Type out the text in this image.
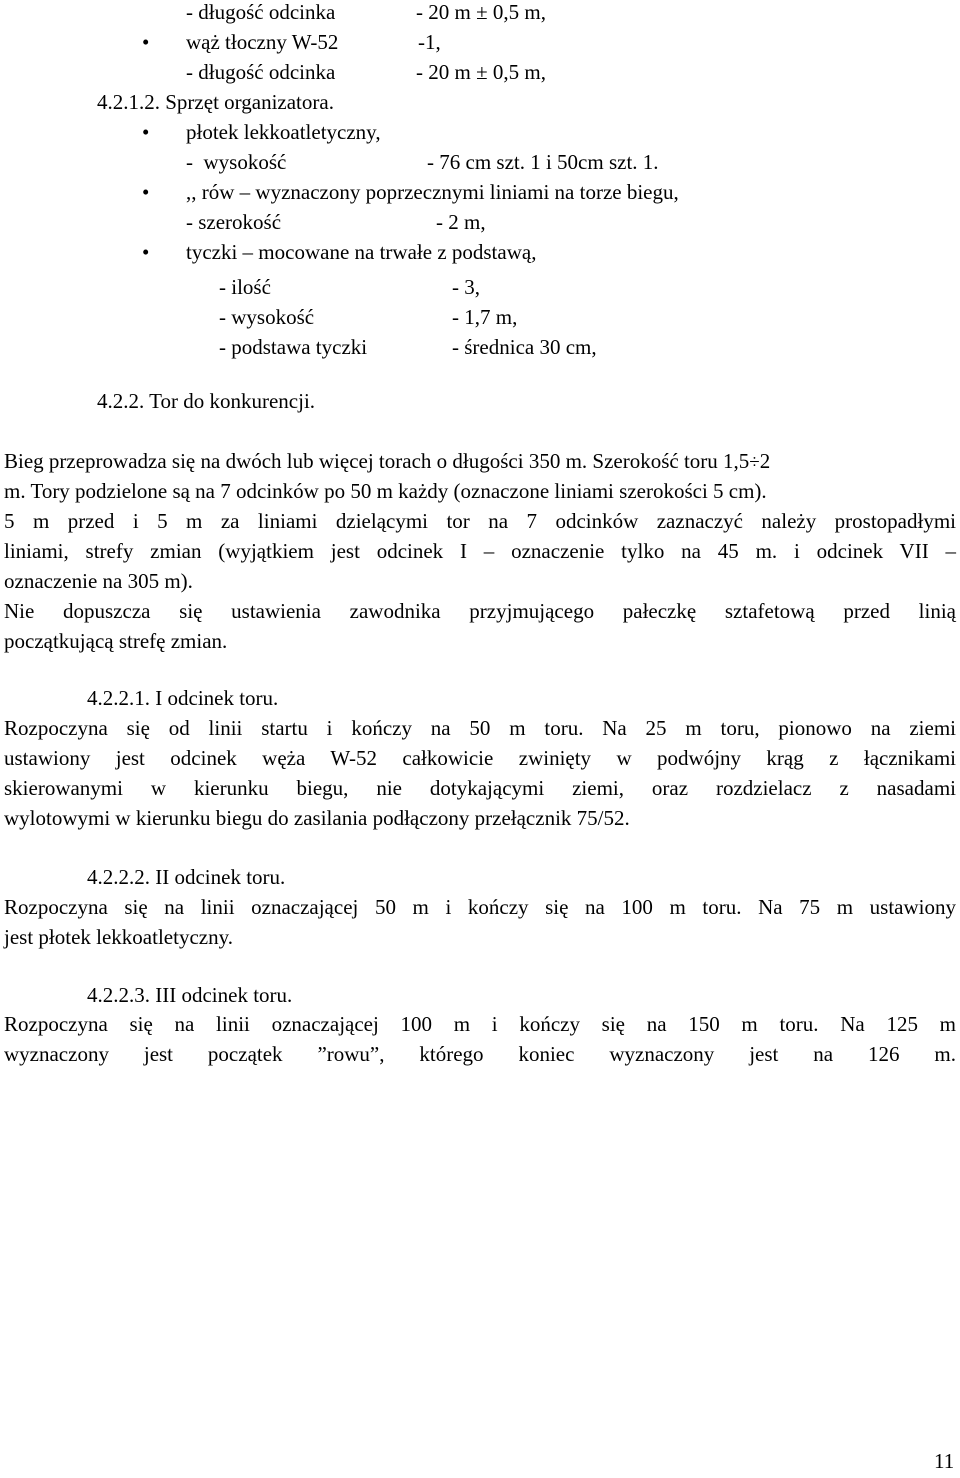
- długość odcinka	- 20 m ± 0,5 m,
• wąż tłoczny W-52	-1,
- długość odcinka	- 20 m ± 0,5 m,
4.2.1.2. Sprzęt organizatora.
• płotek lekkoatletyczny,
-  wysokość	- 76 cm szt. 1 i 50cm szt. 1.
• ,, rów – wyznaczony poprzecznymi liniami na torze biegu,
- szerokość	- 2 m,
• tyczki – mocowane na trwałe z podstawą,
- ilość	- 3,
- wysokość	- 1,7 m,
- podstawa tyczki	- średnica 30 cm,
4.2.2. Tor do konkurencji.
Bieg przeprowadza się na dwóch lub więcej torach o długości 350 m. Szerokość toru 1,5÷2
m. Tory podzielone są na 7 odcinków po 50 m każdy (oznaczone liniami szerokości 5 cm).
5 m przed i 5 m za liniami dzielącymi tor na 7 odcinków zaznaczyć należy prostopadłymi
liniami, strefy zmian (wyjątkiem jest odcinek I – oznaczenie tylko na 45 m. i odcinek VII –
oznaczenie na 305 m).
Nie dopuszcza się ustawienia zawodnika przyjmującego pałeczkę sztafetową przed linią
początkującą strefę zmian.
4.2.2.1. I odcinek toru.
Rozpoczyna się od linii startu i kończy na 50 m toru. Na 25 m toru, pionowo na ziemi
ustawiony jest odcinek węża W-52 całkowicie zwinięty w podwójny krąg z łącznikami
skierowanymi w kierunku biegu, nie dotykającymi ziemi, oraz rozdzielacz z nasadami
wylotowymi w kierunku biegu do zasilania podłączony przełącznik 75/52.
4.2.2.2. II odcinek toru.
Rozpoczyna się na linii oznaczającej 50 m i kończy się na 100 m toru. Na 75 m ustawiony
jest płotek lekkoatletyczny.
4.2.2.3. III odcinek toru.
Rozpoczyna się na linii oznaczającej 100 m i kończy się na 150 m toru. Na 125 m
wyznaczony jest początek ”rowu”, którego koniec wyznaczony jest na 126 m.
11
